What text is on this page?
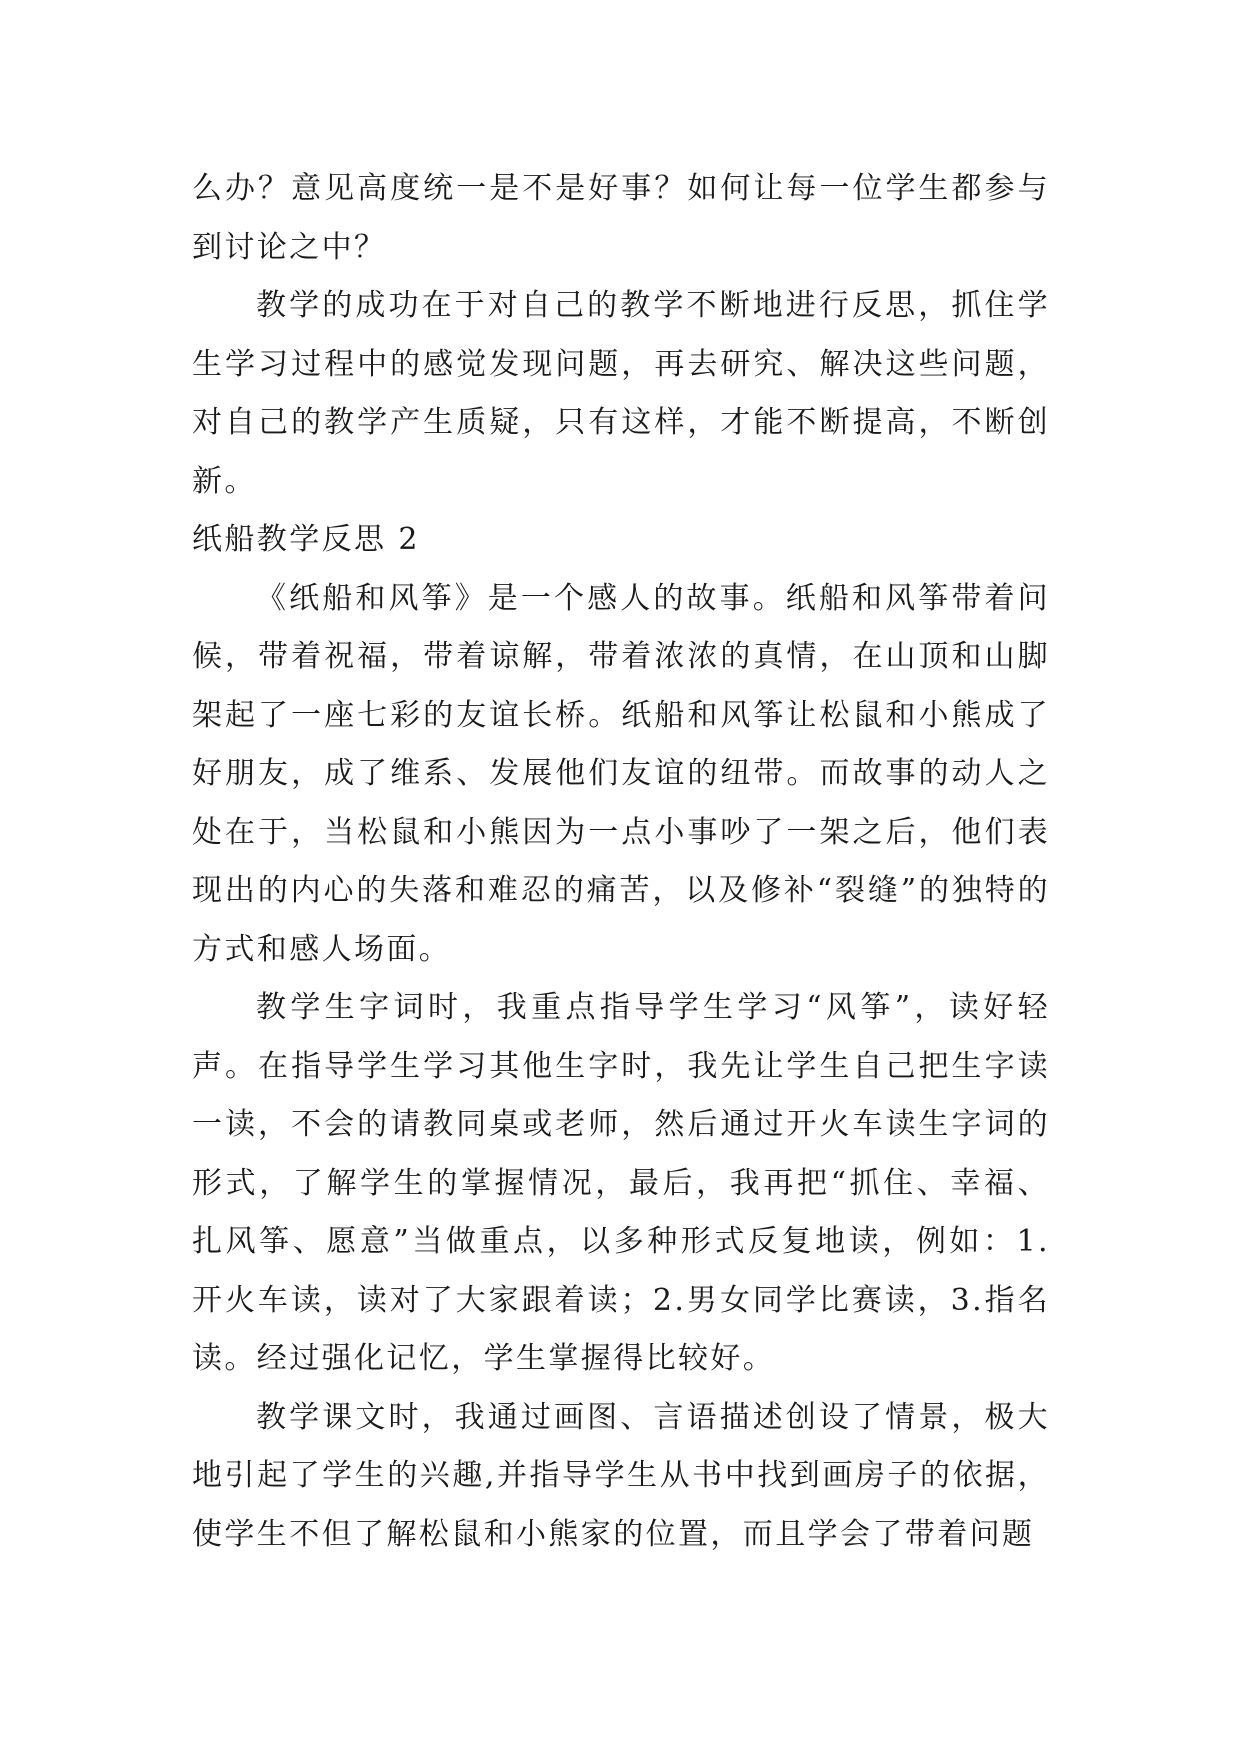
么办？意见高度统一是不是好事？如何让每一位学生都参与到讨论之中？

教学的成功在于对自己的教学不断地进行反思，抓住学生学习过程中的感觉发现问题，再去研究、解决这些问题，对自己的教学产生质疑，只有这样，才能不断提高，不断创新。

纸船教学反思 2

《纸船和风筝》是一个感人的故事。纸船和风筝带着问候，带着祝福，带着谅解，带着浓浓的真情，在山顶和山脚架起了一座七彩的友谊长桥。纸船和风筝让松鼠和小熊成了好朋友，成了维系、发展他们友谊的纽带。而故事的动人之处在于，当松鼠和小熊因为一点小事吵了一架之后，他们表现出的内心的失落和难忍的痛苦，以及修补“裂缝”的独特的方式和感人场面。

教学生字词时，我重点指导学生学习“风筝”，读好轻声。在指导学生学习其他生字时，我先让学生自己把生字读一读，不会的请教同桌或老师，然后通过开火车读生字词的形式，了解学生的掌握情况，最后，我再把“抓住、幸福、扎风筝、愿意”当做重点，以多种形式反复地读，例如：1.开火车读，读对了大家跟着读；2.男女同学比赛读，3.指名读。经过强化记忆，学生掌握得比较好。

教学课文时，我通过画图、言语描述创设了情景，极大地引起了学生的兴趣,并指导学生从书中找到画房子的依据，使学生不但了解松鼠和小熊家的位置，而且学会了带着问题
